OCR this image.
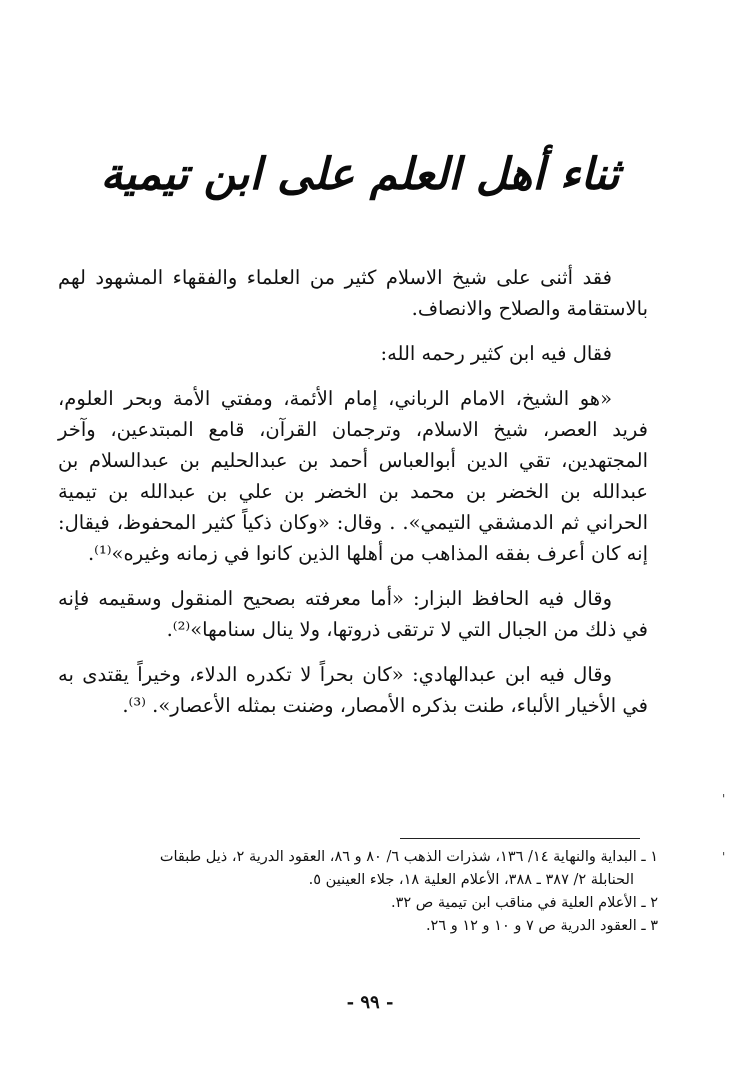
ثناء أهل العلم على ابن تيمية

فقد أثنى على شيخ الاسلام كثير من العلماء والفقهاء المشهود لهم بالاستقامة والصلاح والانصاف.

فقال فيه ابن كثير رحمه الله:

«هو الشيخ، الامام الرباني، إمام الأئمة، ومفتي الأمة وبحر العلوم، فريد العصر، شيخ الاسلام، وترجمان القرآن، قامع المبتدعين، وآخر المجتهدين، تقي الدين أبوالعباس أحمد بن عبدالحليم بن عبدالسلام بن عبدالله بن الخضر بن محمد بن الخضر بن علي بن عبدالله بن تيمية الحراني ثم الدمشقي التيمي». . وقال: «وكان ذكياً كثير المحفوظ، فيقال: إنه كان أعرف بفقه المذاهب من أهلها الذين كانوا في زمانه وغيره»⁽¹⁾.

وقال فيه الحافظ البزار: «أما معرفته بصحيح المنقول وسقيمه فإنه في ذلك من الجبال التي لا ترتقى ذروتها، ولا ينال سنامها»⁽²⁾.

وقال فيه ابن عبدالهادي: «كان بحراً لا تكدره الدلاء، وخيراً يقتدى به في الأخيار الألباء، طنت بذكره الأمصار، وضنت بمثله الأعصار». ⁽³⁾.

١ ـ البداية والنهاية ١٤/ ١٣٦، شذرات الذهب ٦/ ٨٠ و ٨٦، العقود الدرية ٢، ذيل طبقات

الحنابلة ٢/ ٣٨٧ ـ ٣٨٨، الأعلام العلية ١٨، جلاء العينين ٥.

٢ ـ الأعلام العلية في مناقب ابن تيمية ص ٣٢.

٣ ـ العقود الدرية ص ٧ و ١٠ و ١٢ و ٢٦.

- ٩٩ -
'
'
